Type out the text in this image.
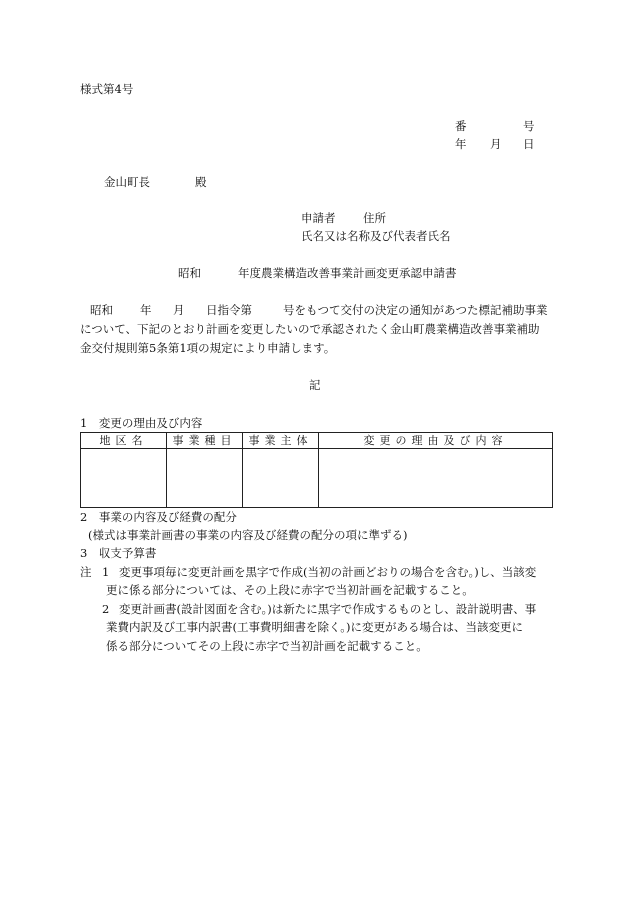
様式第4号
番	号
年 月 日
金山町長	殿
申請者 住所
氏名又は名称及び代表者氏名
昭和	年度農業構造改善事業計画変更承認申請書
昭和 年 月 日指令第	号をもつて交付の決定の通知があつた標記補助事業
について、下記のとおり計画を変更したいので承認されたく金山町農業構造改善事業補助
金交付規則第5条第1項の規定により申請します。
記
1　変更の理由及び内容
地区名	事業種目	事業主体	変更の理由及び内容

2　事業の内容及び経費の配分
(様式は事業計画書の事業の内容及び経費の配分の項に準ずる)
3　収支予算書
注 1 変更事項毎に変更計画を黒字で作成(当初の計画どおりの場合を含む。)し、当該変
更に係る部分については、その上段に赤字で当初計画を記載すること。
2 変更計画書(設計図面を含む。)は新たに黒字で作成するものとし、設計説明書、事
業費内訳及び工事内訳書(工事費明細書を除く。)に変更がある場合は、当該変更に
係る部分についてその上段に赤字で当初計画を記載すること。
